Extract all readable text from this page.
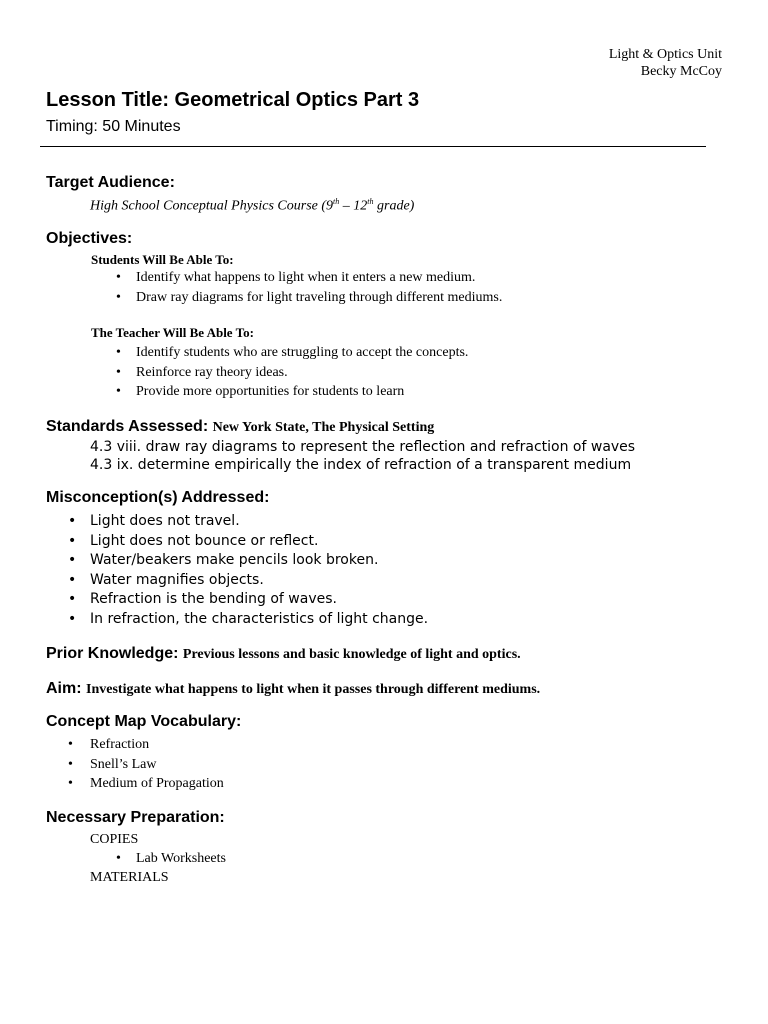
Light & Optics Unit
Becky McCoy
Lesson Title: Geometrical Optics Part 3

Timing: 50 Minutes

Target Audience:

High School Conceptual Physics Course (9th – 12th grade)

Objectives:

Students Will Be Able To:

• Identify what happens to light when it enters a new medium.
• Draw ray diagrams for light traveling through different mediums.

The Teacher Will Be Able To:

• Identify students who are struggling to accept the concepts.
• Reinforce ray theory ideas.
• Provide more opportunities for students to learn
Standards Assessed: New York State, The Physical Setting

4.3 viii. draw ray diagrams to represent the reflection and refraction of waves

4.3 ix. determine empirically the index of refraction of a transparent medium

Misconception(s) Addressed:
• Light does not travel.
• Light does not bounce or reflect.
• Water/beakers make pencils look broken.
• Water magnifies objects.
• Refraction is the bending of waves.
• In refraction, the characteristics of light change.
Prior Knowledge: Previous lessons and basic knowledge of light and optics.
Aim: Investigate what happens to light when it passes through different mediums.
Concept Map Vocabulary:
• Refraction
• Snell’s Law
• Medium of Propagation
Necessary Preparation:

COPIES

• Lab Worksheets

MATERIALS
